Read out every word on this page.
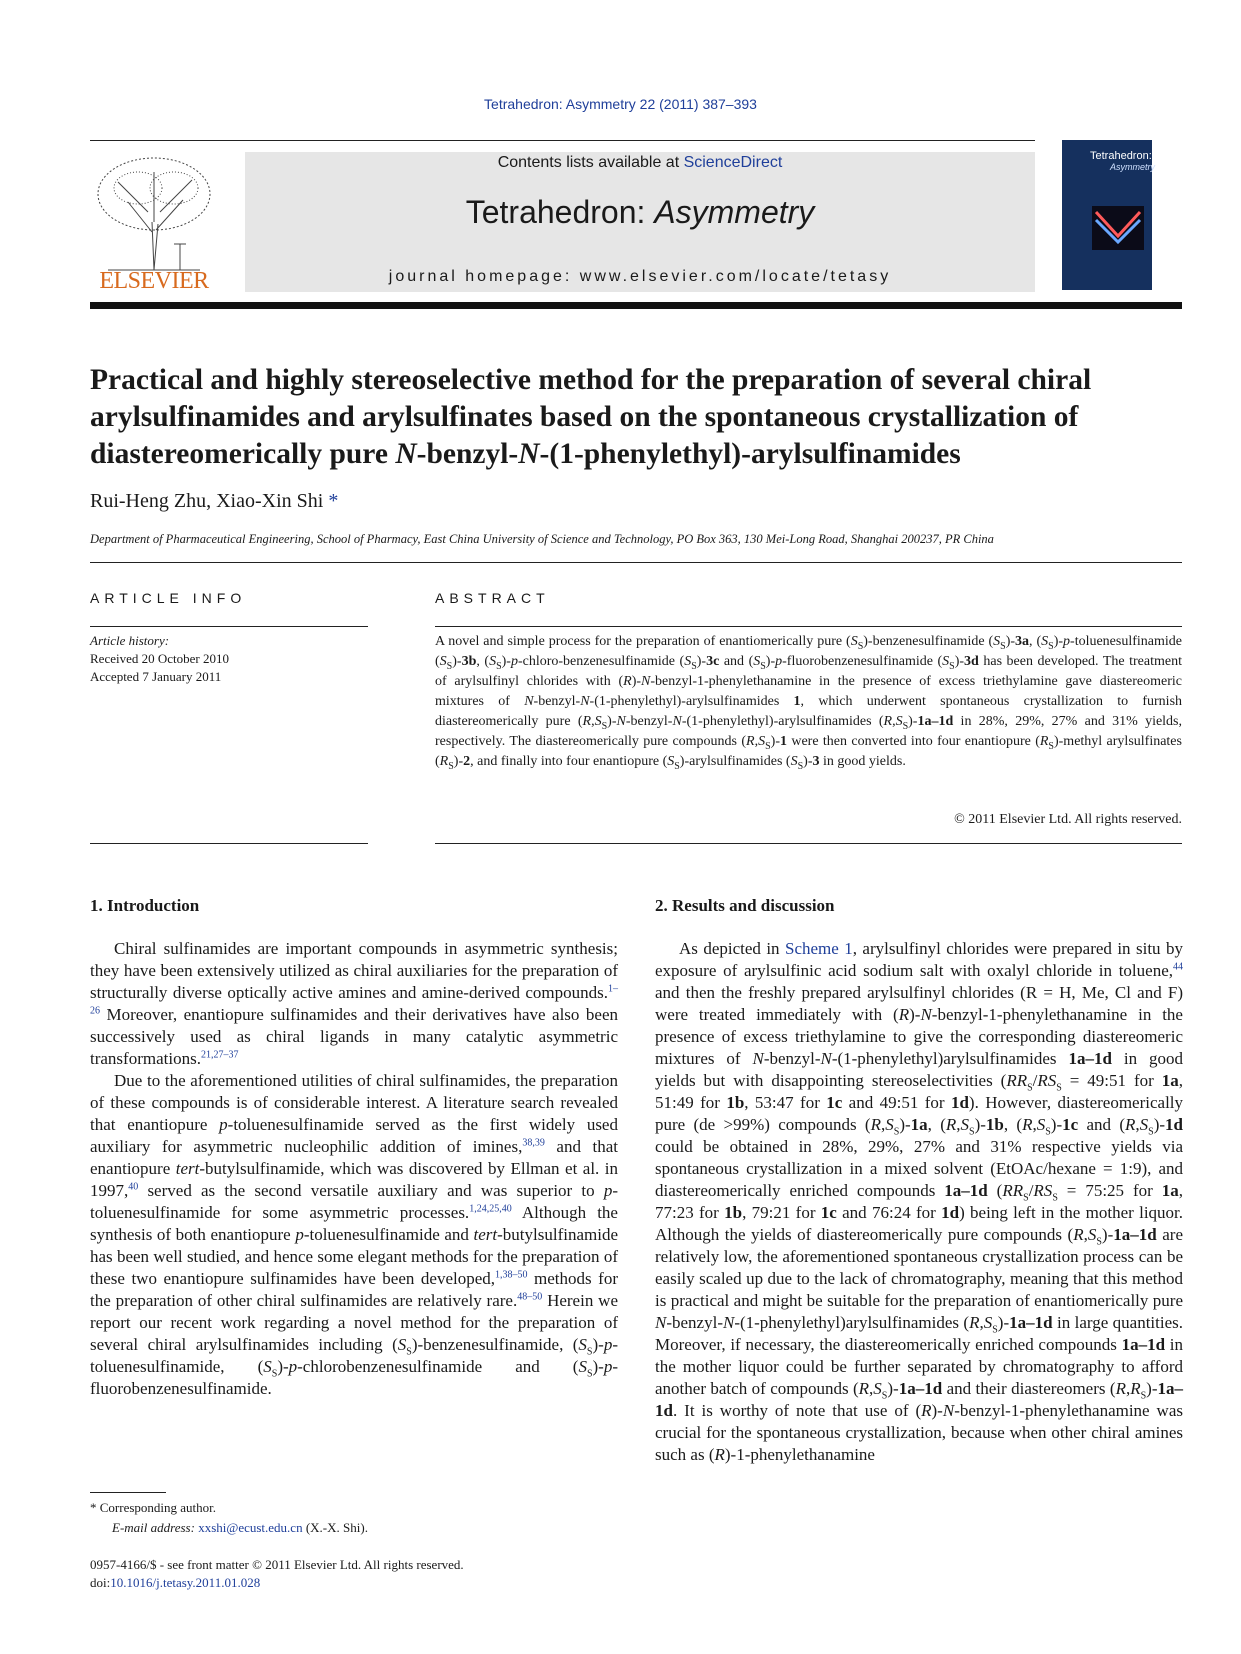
Tetrahedron: Asymmetry 22 (2011) 387–393
ELSEVIER
Contents lists available at ScienceDirect
Tetrahedron: Asymmetry
journal homepage: www.elsevier.com/locate/tetasy
Tetrahedron:
Asymmetry
Practical and highly stereoselective method for the preparation of several chiral arylsulfinamides and arylsulfinates based on the spontaneous crystallization of diastereomerically pure N-benzyl-N-(1-phenylethyl)-arylsulfinamides
Rui-Heng Zhu, Xiao-Xin Shi *
Department of Pharmaceutical Engineering, School of Pharmacy, East China University of Science and Technology, PO Box 363, 130 Mei-Long Road, Shanghai 200237, PR China
ARTICLE INFO	ABSTRACT
Article history:
Received 20 October 2010
Accepted 7 January 2011
A novel and simple process for the preparation of enantiomerically pure $(S_S)$-benzenesulfinamide $(S_S)-3a$, $(S_S)-p$-toluenesulfinamide $(S_S)-3b$, $(S_S)-p-chloro$-benzenesulfinamide $(S_S)-3c$ and $(S_S)-p$-fluorobenzenesulfinamide $(S_S)-3d$ has been developed. The treatment of arylsulfinyl chlorides with (R)-N-benzyl-1-phenylethanamine in the presence of excess triethylamine gave diastereomeric mixtures of N-benzyl-N-(1-phenylethyl)-arylsulfinamides 1, which underwent spontaneous crystallization to furnish diastereomerically pure $(R,S_S)-N-benzyl-N-(1-phenylethyl)$-arylsulfinamides $(R,S_S)-1a-1d$ in 28%, 29%, 27% and 31% yields, respectively. The diastereomerically pure compounds $(R,S_S)-1$ were then converted into four enantiopure $(R_S)$-methyl arylsulfinates $(R_S)-2$, and finally into four enantiopure $(S_S)$-arylsulfinamides $(S_S)-3$ in good yields.
© 2011 Elsevier Ltd. All rights reserved.
1. Introduction	2. Results and discussion

Chiral sulfinamides are important compounds in asymmetric synthesis; they have been extensively utilized as chiral auxiliaries for the preparation of structurally diverse optically active amines and amine-derived compounds.$^{1-26}$ Moreover, enantiopure sulfinamides and their derivatives have also been successively used as chiral ligands in many catalytic asymmetric transformations.$^{21,27-37}$

Due to the aforementioned utilities of chiral sulfinamides, the preparation of these compounds is of considerable interest. A literature search revealed that enantiopure p-toluenesulfinamide served as the first widely used auxiliary for asymmetric nucleophilic addition of imines,$^{38,39}$ and that enantiopure tert-butylsulfinamide, which was discovered by Ellman et al. in 1997,40 served as the second versatile auxiliary and was superior to p-toluenesulfinamide for some asymmetric processes.$^{1,24,25,40}$ Although the synthesis of both enantiopure p-toluenesulfinamide and tert-butylsulfinamide has been well studied, and hence some elegant methods for the preparation of these two enantiopure sulfinamides have been developed,$^{1,38-50}$ methods for the preparation of other chiral sulfinamides are relatively rare.$^{48-50}$ Herein we report our recent work regarding a novel method for the preparation of several chiral arylsulfinamides including $(S_S)$-benzenesulfinamide, $(S_S)-p$-toluenesulfinamide, $(S_S)-p$-chlorobenzenesulfinamide and $(S_S)-p$-fluorobenzenesulfinamide.

As depicted in Scheme 1, arylsulfinyl chlorides were prepared in situ by exposure of arylsulfinic acid sodium salt with oxalyl chloride in toluene,$^{44}$ and then the freshly prepared arylsulfinyl chlorides (R = H, Me, Cl and F) were treated immediately with (R)-N-benzyl-1-phenylethanamine in the presence of excess triethylamine to give the corresponding diastereomeric mixtures of N-benzyl-N-(1-phenylethyl)arylsulfinamides 1a–1d in good yields but with disappointing stereoselectivities ($RR_S/RS_S$ = 49:51 for 1a, 51:49 for 1b, 53:47 for 1c and 49:51 for 1d). However, diastereomerically pure (de >99%) compounds $(R,S_S)-1a$, $(R,S_S)-1b$, $(R,S_S)-1c$ and $(R,S_S)-1d$ could be obtained in 28%, 29%, 27% and 31% respective yields via spontaneous crystallization in a mixed solvent (EtOAc/hexane = 1:9), and diastereomerically enriched compounds 1a–1d ($RR_S/RS_S$ = 75:25 for 1a, 77:23 for 1b, 79:21 for 1c and 76:24 for 1d) being left in the mother liquor. Although the yields of diastereomerically pure compounds $(R,S_S)-1a-1d$ are relatively low, the aforementioned spontaneous crystallization process can be easily scaled up due to the lack of chromatography, meaning that this method is practical and might be suitable for the preparation of enantiomerically pure N-benzyl-N-(1-phenylethyl)arylsulfinamides $(R,S_S)-1a-1d$ in large quantities. Moreover, if necessary, the diastereomerically enriched compounds 1a–1d in the mother liquor could be further separated by chromatography to afford another batch of compounds $(R,S_S)-1a-1d$ and their diastereomers $(R,R_S)-1a-1d$. It is worthy of note that use of (R)-N-benzyl-1-phenylethanamine was crucial for the spontaneous crystallization, because when other chiral amines such as (R)-1-phenylethanamine

* Corresponding author.
E-mail address: xxshi@ecust.edu.cn (X.-X. Shi).
0957-4166/$ - see front matter © 2011 Elsevier Ltd. All rights reserved.
doi:10.1016/j.tetasy.2011.01.028
